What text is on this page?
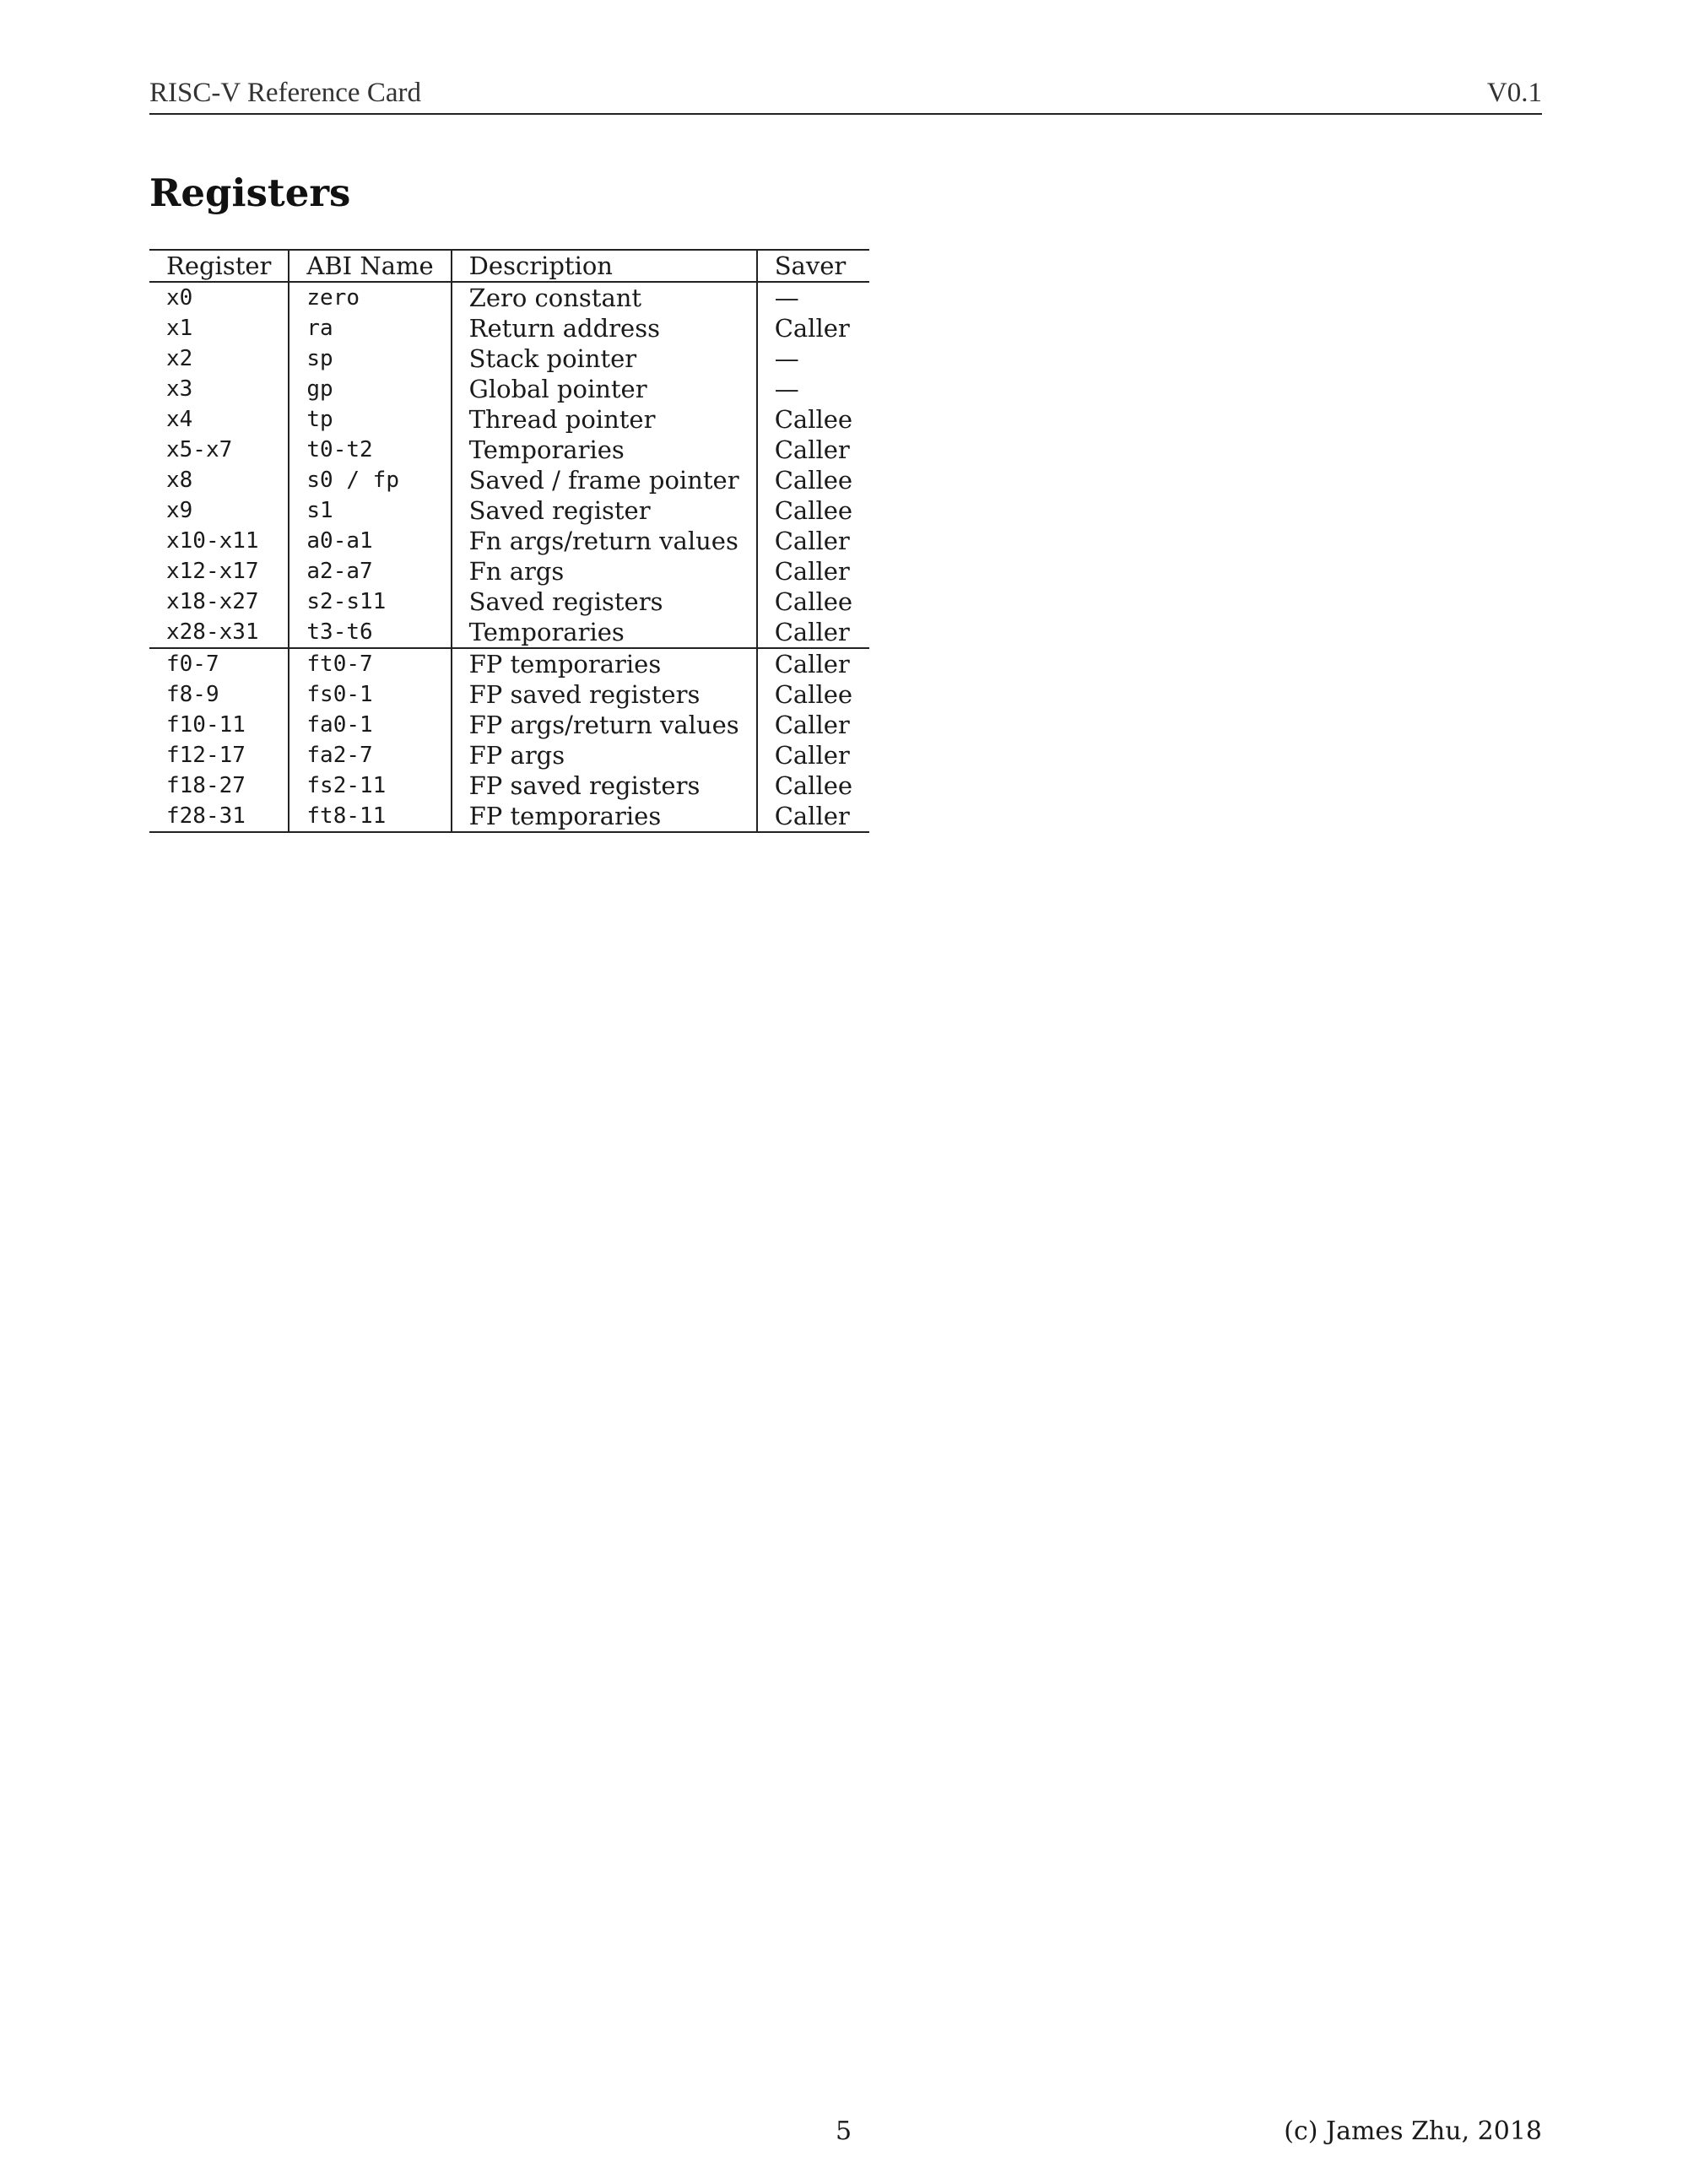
RISC-V Reference Card	V0.1
Registers
Register	ABI Name	Description	Saver
x0	zero	Zero constant	—
x1	ra	Return address	Caller
x2	sp	Stack pointer	—
x3	gp	Global pointer	—
x4	tp	Thread pointer	Callee
x5-x7	t0-t2	Temporaries	Caller
x8	s0 / fp	Saved / frame pointer	Callee
x9	s1	Saved register	Callee
x10-x11	a0-a1	Fn args/return values	Caller
x12-x17	a2-a7	Fn args	Caller
x18-x27	s2-s11	Saved registers	Callee
x28-x31	t3-t6	Temporaries	Caller
f0-7	ft0-7	FP temporaries	Caller
f8-9	fs0-1	FP saved registers	Callee
f10-11	fa0-1	FP args/return values	Caller
f12-17	fa2-7	FP args	Caller
f18-27	fs2-11	FP saved registers	Callee
f28-31	ft8-11	FP temporaries	Caller
5	(c) James Zhu, 2018
